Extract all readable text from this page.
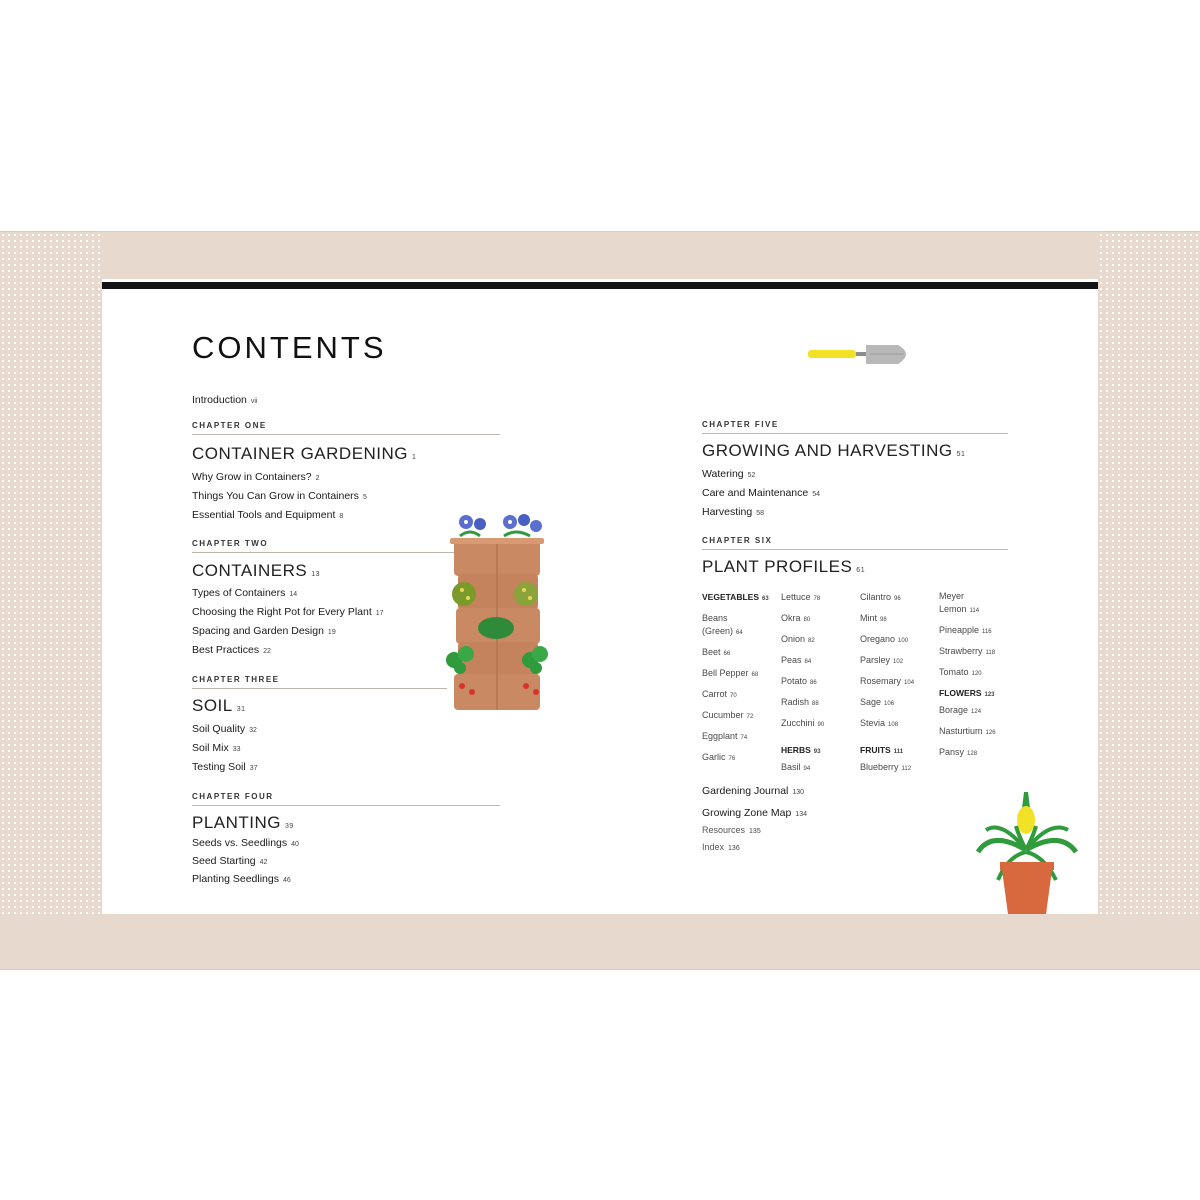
CONTENTS
Introduction vii
CHAPTER ONE
CONTAINER GARDENING 1
Why Grow in Containers? 2
Things You Can Grow in Containers 5
Essential Tools and Equipment 8
CHAPTER TWO
CONTAINERS 13
Types of Containers 14
Choosing the Right Pot for Every Plant 17
Spacing and Garden Design 19
Best Practices 22
CHAPTER THREE
SOIL 31
Soil Quality 32
Soil Mix 33
Testing Soil 37
CHAPTER FOUR
PLANTING 39
Seeds vs. Seedlings 40
Seed Starting 42
Planting Seedlings 46
CHAPTER FIVE
GROWING AND HARVESTING 51
Watering 52
Care and Maintenance 54
Harvesting 58
CHAPTER SIX
PLANT PROFILES 61
VEGETABLES 63
Beans
(Green) 64
Beet 66
Bell Pepper 68
Carrot 70
Cucumber 72
Eggplant 74
Garlic 76
Lettuce 78
Okra 80
Onion 82
Peas 84
Potato 86
Radish 88
Zucchini 90
HERBS 93
Basil 94
Cilantro 96
Mint 98
Oregano 100
Parsley 102
Rosemary 104
Sage 106
Stevia 108
FRUITS 111
Blueberry 112
Meyer
Lemon 114
Pineapple 116
Strawberry 118
Tomato 120
FLOWERS 123
Borage 124
Nasturtium 126
Pansy 128
Gardening Journal 130
Growing Zone Map 134
Resources 135
Index 136
